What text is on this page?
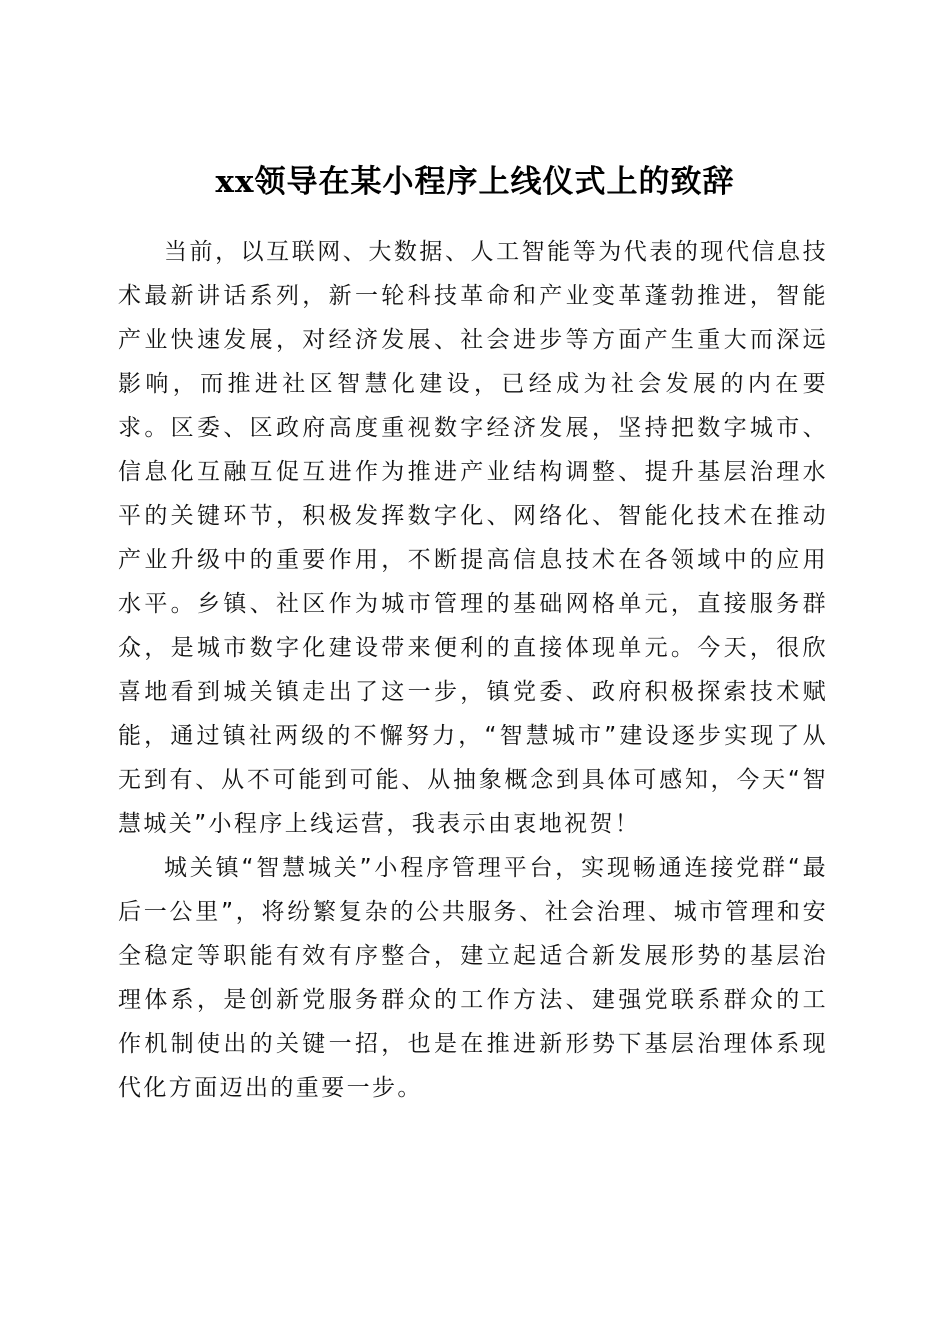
xx领导在某小程序上线仪式上的致辞

当前，以互联网、大数据、人工智能等为代表的现代信息技术最新讲话系列，新一轮科技革命和产业变革蓬勃推进，智能产业快速发展，对经济发展、社会进步等方面产生重大而深远影响，而推进社区智慧化建设，已经成为社会发展的内在要求。区委、区政府高度重视数字经济发展，坚持把数字城市、信息化互融互促互进作为推进产业结构调整、提升基层治理水平的关键环节，积极发挥数字化、网络化、智能化技术在推动产业升级中的重要作用，不断提高信息技术在各领域中的应用水平。乡镇、社区作为城市管理的基础网格单元，直接服务群众，是城市数字化建设带来便利的直接体现单元。今天，很欣喜地看到城关镇走出了这一步，镇党委、政府积极探索技术赋能，通过镇社两级的不懈努力，“智慧城市”建设逐步实现了从无到有、从不可能到可能、从抽象概念到具体可感知，今天“智慧城关”小程序上线运营，我表示由衷地祝贺！

城关镇“智慧城关”小程序管理平台，实现畅通连接党群“最后一公里”，将纷繁复杂的公共服务、社会治理、城市管理和安全稳定等职能有效有序整合，建立起适合新发展形势的基层治理体系，是创新党服务群众的工作方法、建强党联系群众的工作机制使出的关键一招，也是在推进新形势下基层治理体系现代化方面迈出的重要一步。
